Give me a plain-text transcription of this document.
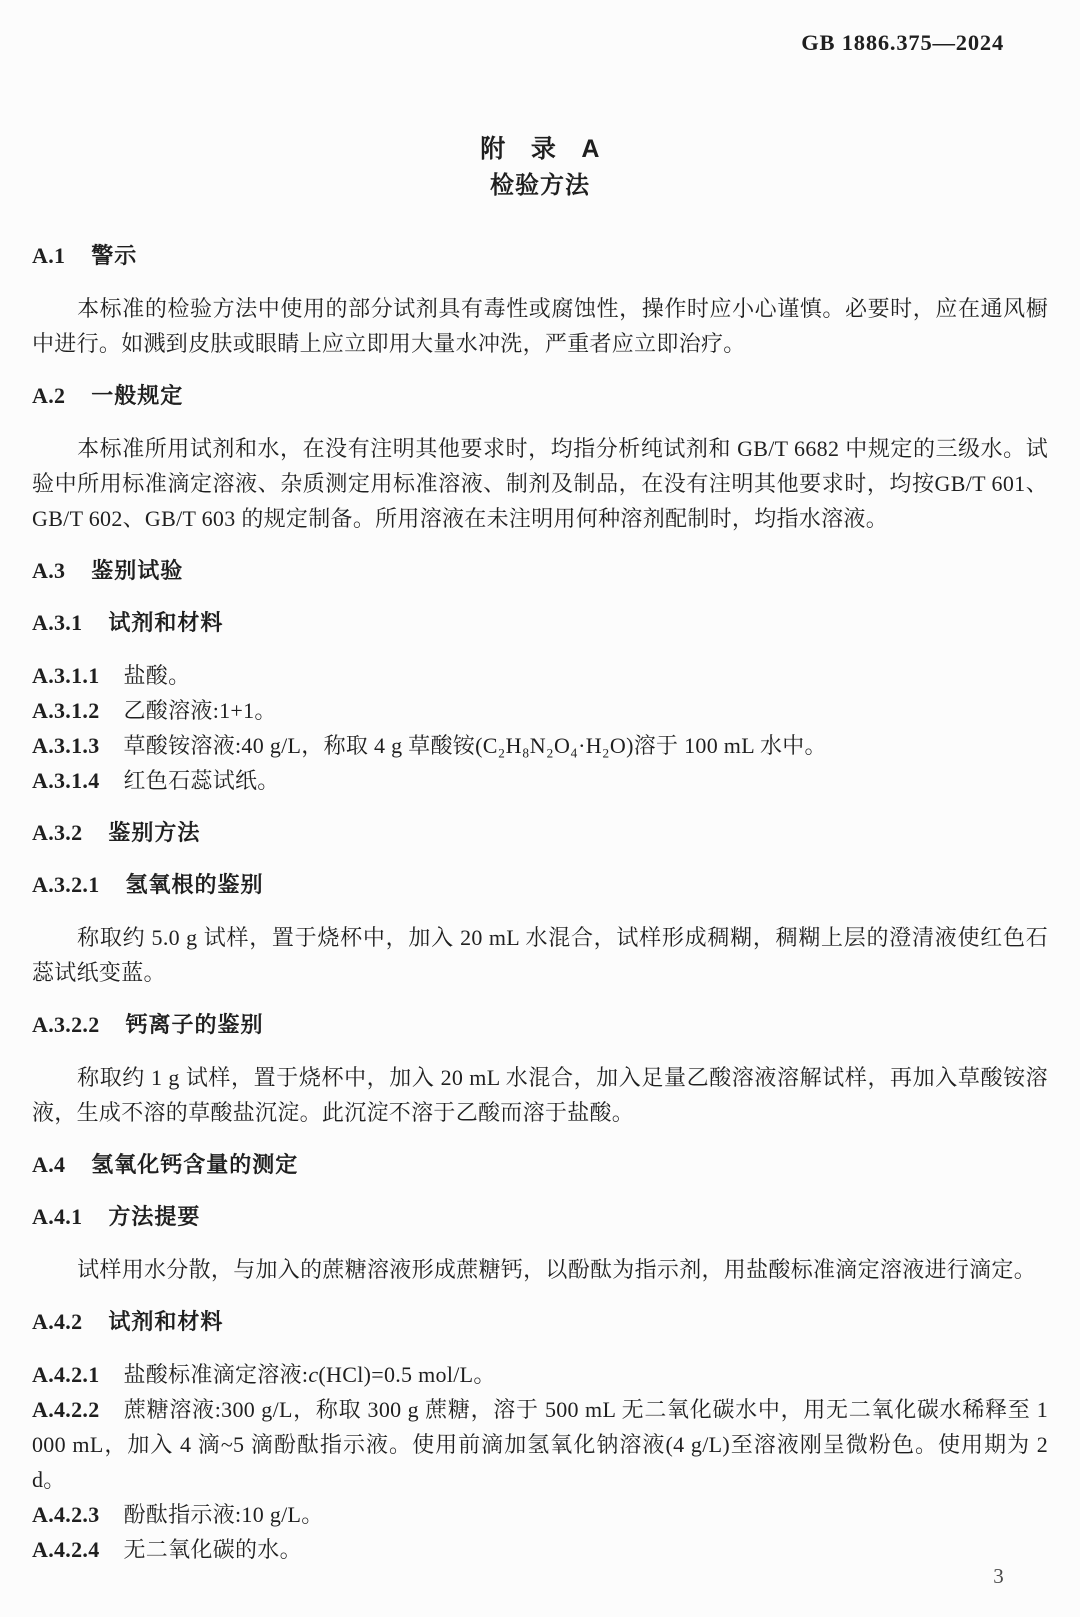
GB 1886.375—2024
附　录　A
检验方法
A.1 警示
本标准的检验方法中使用的部分试剂具有毒性或腐蚀性，操作时应小心谨慎。必要时，应在通风橱中进行。如溅到皮肤或眼睛上应立即用大量水冲洗，严重者应立即治疗。
A.2 一般规定
本标准所用试剂和水，在没有注明其他要求时，均指分析纯试剂和 GB/T 6682 中规定的三级水。试验中所用标准滴定溶液、杂质测定用标准溶液、制剂及制品，在没有注明其他要求时，均按GB/T 601、GB/T 602、GB/T 603 的规定制备。所用溶液在未注明用何种溶剂配制时，均指水溶液。
A.3 鉴别试验
A.3.1 试剂和材料
A.3.1.1 盐酸。
A.3.1.2 乙酸溶液:1+1。
A.3.1.3 草酸铵溶液:40 g/L，称取 4 g 草酸铵(C₂H₈N₂O₄·H₂O)溶于 100 mL 水中。
A.3.1.4 红色石蕊试纸。
A.3.2 鉴别方法
A.3.2.1 氢氧根的鉴别
称取约 5.0 g 试样，置于烧杯中，加入 20 mL 水混合，试样形成稠糊，稠糊上层的澄清液使红色石蕊试纸变蓝。
A.3.2.2 钙离子的鉴别
称取约 1 g 试样，置于烧杯中，加入 20 mL 水混合，加入足量乙酸溶液溶解试样，再加入草酸铵溶液，生成不溶的草酸盐沉淀。此沉淀不溶于乙酸而溶于盐酸。
A.4 氢氧化钙含量的测定
A.4.1 方法提要
试样用水分散，与加入的蔗糖溶液形成蔗糖钙，以酚酞为指示剂，用盐酸标准滴定溶液进行滴定。
A.4.2 试剂和材料
A.4.2.1 盐酸标准滴定溶液:c(HCl)=0.5 mol/L。
A.4.2.2 蔗糖溶液:300 g/L，称取 300 g 蔗糖，溶于 500 mL 无二氧化碳水中，用无二氧化碳水稀释至 1 000 mL，加入 4 滴~5 滴酚酞指示液。使用前滴加氢氧化钠溶液(4 g/L)至溶液刚呈微粉色。使用期为 2 d。
A.4.2.3 酚酞指示液:10 g/L。
A.4.2.4 无二氧化碳的水。
3
